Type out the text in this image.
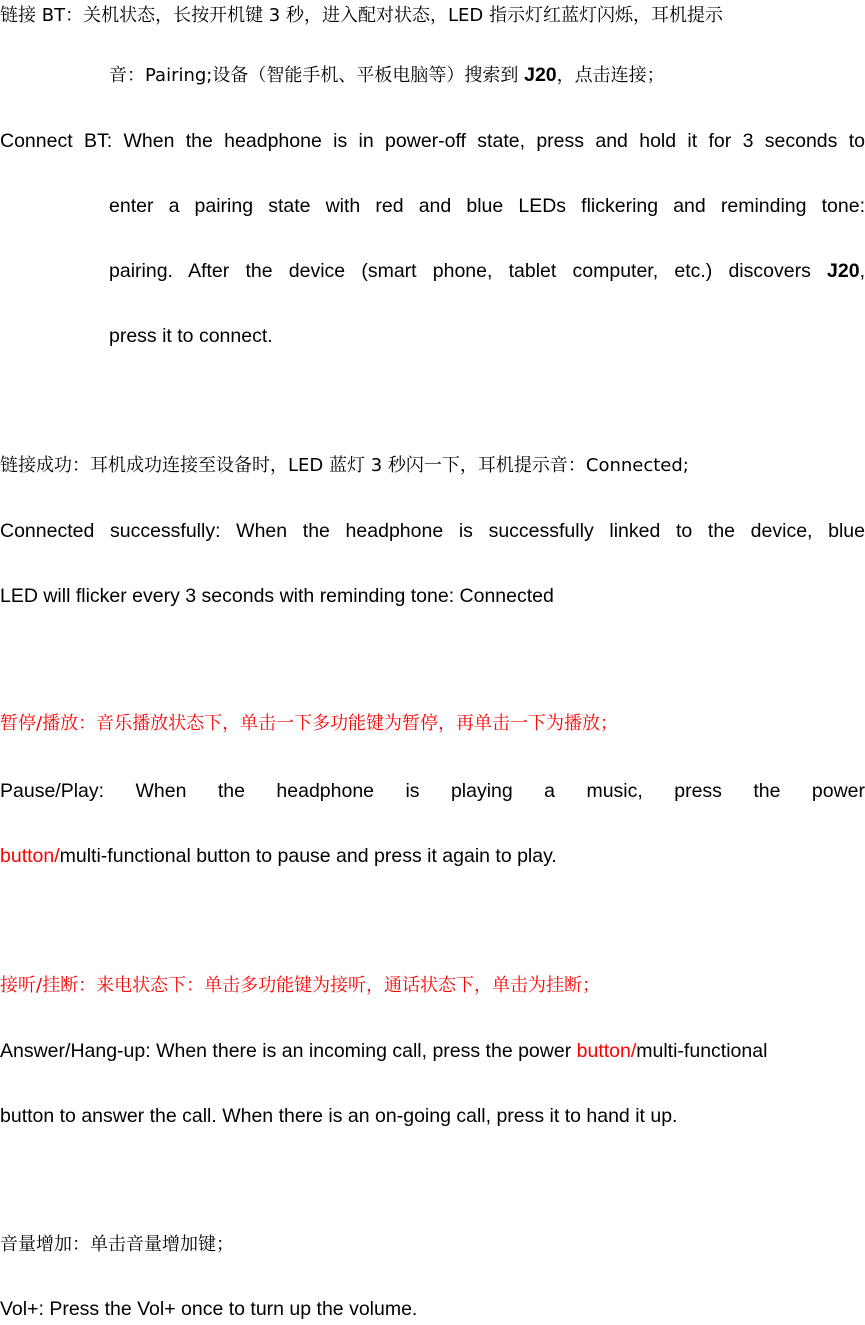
链接 BT：关机状态，长按开机键 3 秒，进入配对状态，LED 指示灯红蓝灯闪烁，耳机提示
音：Pairing;设备（智能手机、平板电脑等）搜索到 J20，点击连接；
Connect BT: When the headphone is in power-off state, press and hold it for 3 seconds to
enter a pairing state with red and blue LEDs flickering and reminding tone:
pairing. After the device (smart phone, tablet computer, etc.) discovers J20,
press it to connect.
链接成功：耳机成功连接至设备时，LED 蓝灯 3 秒闪一下，耳机提示音：Connected;
Connected successfully: When the headphone is successfully linked to the device, blue
LED will flicker every 3 seconds with reminding tone: Connected
暂停/播放：音乐播放状态下，单击一下多功能键为暂停，再单击一下为播放；
Pause/Play: When the headphone is playing a music, press the power
button/multi-functional button to pause and press it again to play.
接听/挂断：来电状态下：单击多功能键为接听，通话状态下，单击为挂断；
Answer/Hang-up: When there is an incoming call, press the power button/multi-functional
button to answer the call. When there is an on-going call, press it to hand it up.
音量增加：单击音量增加键；
Vol+: Press the Vol+ once to turn up the volume.
